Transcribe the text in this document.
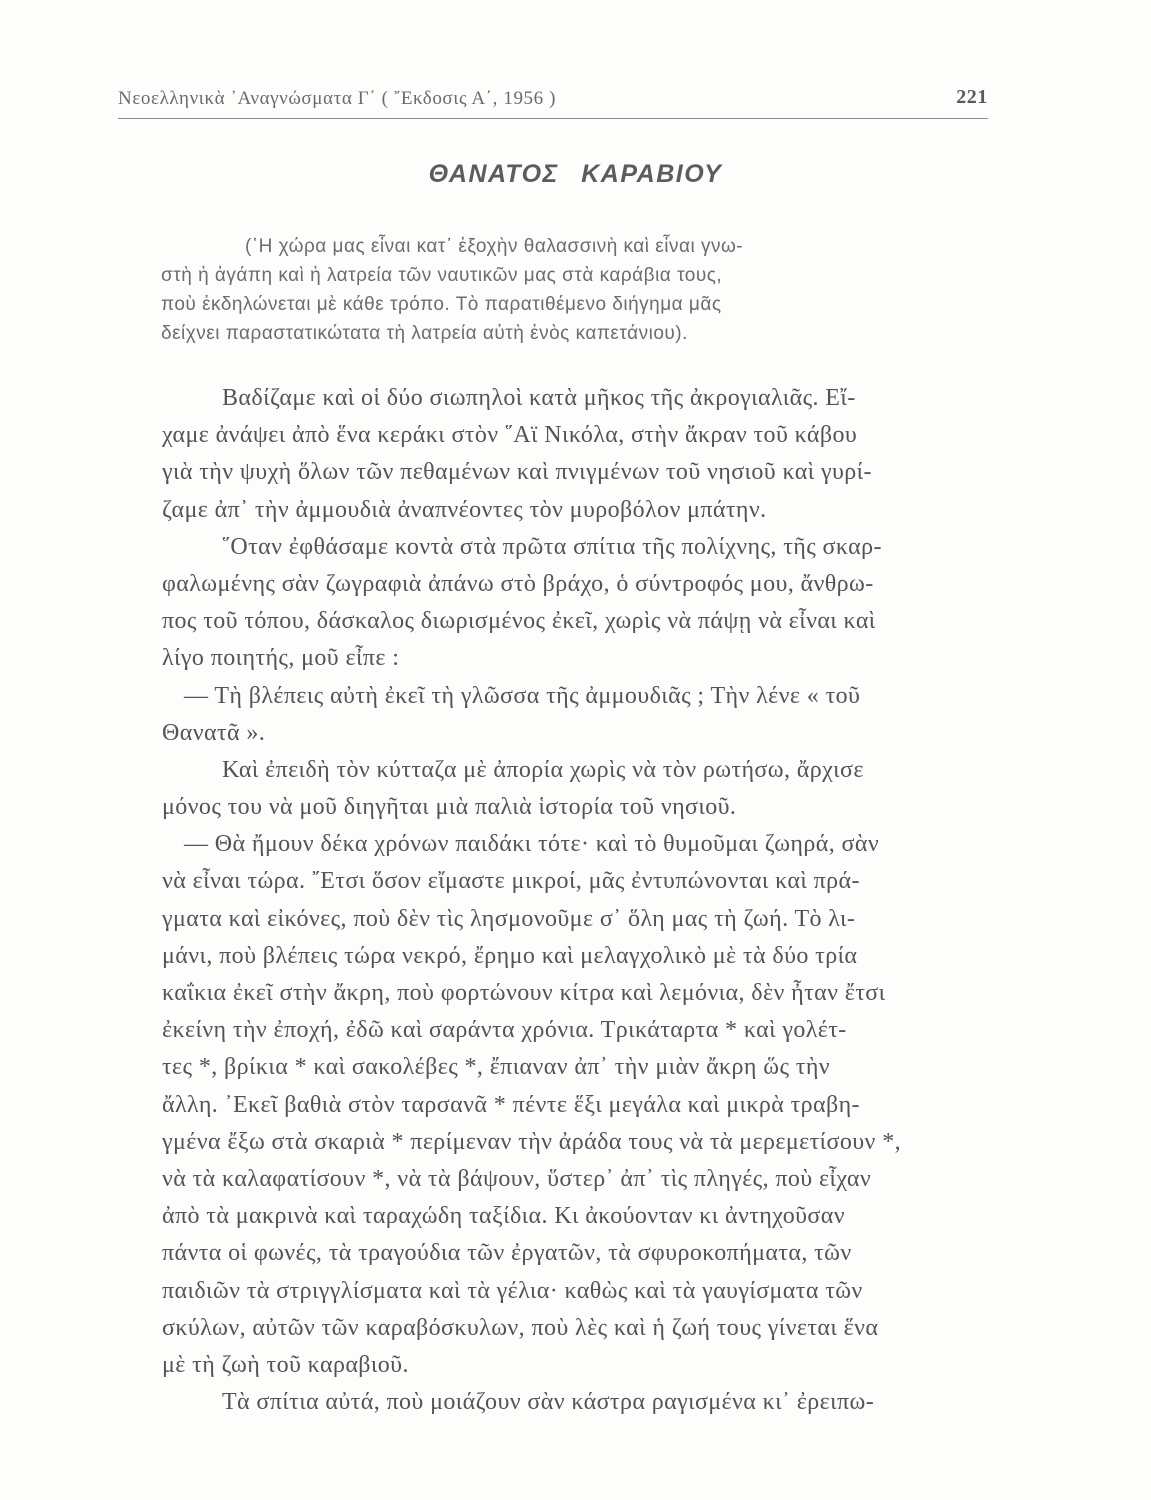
Νεοελληνικὰ ᾿Αναγνώσματα Γ΄ ( ῎Εκδοσις Α΄, 1956 )	221
ΘΑΝΑΤΟΣ ΚΑΡΑΒΙΟΥ
(῾Η χώρα μας εἶναι κατ᾿ ἐξοχὴν θαλασσινὴ καὶ εἶναι γνω-
στὴ ἡ ἀγάπη καὶ ἡ λατρεία τῶν ναυτικῶν μας στὰ καράβια τους,
ποὺ ἐκδηλώνεται μὲ κάθε τρόπο. Τὸ παρατιθέμενο διήγημα μᾶς
δείχνει παραστατικώτατα τὴ λατρεία αὐτὴ ἑνὸς καπετάνιου).
Βαδίζαμε καὶ οἱ δύο σιωπηλοὶ κατὰ μῆκος τῆς ἀκρογιαλιᾶς. Εἴ-
χαμε ἀνάψει ἀπὸ ἕνα κεράκι στὸν ῞Αϊ Νικόλα, στὴν ἄκραν τοῦ κάβου
γιὰ τὴν ψυχὴ ὅλων τῶν πεθαμένων καὶ πνιγμένων τοῦ νησιοῦ καὶ γυρί-
ζαμε ἀπ᾿ τὴν ἀμμουδιὰ ἀναπνέοντες τὸν μυροβόλον μπάτην.
῞Οταν ἐφθάσαμε κοντὰ στὰ πρῶτα σπίτια τῆς πολίχνης, τῆς σκαρ-
φαλωμένης σὰν ζωγραφιὰ ἀπάνω στὸ βράχο, ὁ σύντροφός μου, ἄνθρω-
πος τοῦ τόπου, δάσκαλος διωρισμένος ἐκεῖ, χωρὶς νὰ πάψῃ νὰ εἶναι καὶ
λίγο ποιητής, μοῦ εἶπε :
— Τὴ βλέπεις αὐτὴ ἐκεῖ τὴ γλῶσσα τῆς ἀμμουδιᾶς ; Τὴν λένε « τοῦ
Θανατᾶ ».
Καὶ ἐπειδὴ τὸν κύτταζα μὲ ἀπορία χωρὶς νὰ τὸν ρωτήσω, ἄρχισε
μόνος του νὰ μοῦ διηγῆται μιὰ παλιὰ ἱστορία τοῦ νησιοῦ.
— Θὰ ἤμουν δέκα χρόνων παιδάκι τότε· καὶ τὸ θυμοῦμαι ζωηρά, σὰν
νὰ εἶναι τώρα. ῎Ετσι ὅσον εἴμαστε μικροί, μᾶς ἐντυπώνονται καὶ πρά-
γματα καὶ εἰκόνες, ποὺ δὲν τὶς λησμονοῦμε σ᾿ ὅλη μας τὴ ζωή. Τὸ λι-
μάνι, ποὺ βλέπεις τώρα νεκρό, ἔρημο καὶ μελαγχολικὸ μὲ τὰ δύο τρία
καΐκια ἐκεῖ στὴν ἄκρη, ποὺ φορτώνουν κίτρα καὶ λεμόνια, δὲν ἦταν ἔτσι
ἐκείνη τὴν ἐποχή, ἐδῶ καὶ σαράντα χρόνια. Τρικάταρτα * καὶ γολέτ-
τες *, βρίκια * καὶ σακολέβες *, ἔπιαναν ἀπ᾿ τὴν μιὰν ἄκρη ὥς τὴν
ἄλλη. ᾿Εκεῖ βαθιὰ στὸν ταρσανᾶ * πέντε ἕξι μεγάλα καὶ μικρὰ τραβη-
γμένα ἔξω στὰ σκαριὰ * περίμεναν τὴν ἀράδα τους νὰ τὰ μερεμετίσουν *,
νὰ τὰ καλαφατίσουν *, νὰ τὰ βάψουν, ὕστερ᾿ ἀπ᾿ τὶς πληγές, ποὺ εἶχαν
ἀπὸ τὰ μακρινὰ καὶ ταραχώδη ταξίδια. Κι ἀκούονταν κι ἀντηχοῦσαν
πάντα οἱ φωνές, τὰ τραγούδια τῶν ἐργατῶν, τὰ σφυροκοπήματα, τῶν
παιδιῶν τὰ στριγγλίσματα καὶ τὰ γέλια· καθὼς καὶ τὰ γαυγίσματα τῶν
σκύλων, αὐτῶν τῶν καραβόσκυλων, ποὺ λὲς καὶ ἡ ζωή τους γίνεται ἕνα
μὲ τὴ ζωὴ τοῦ καραβιοῦ.
Τὰ σπίτια αὐτά, ποὺ μοιάζουν σὰν κάστρα ραγισμένα κι᾿ ἐρειπω-
